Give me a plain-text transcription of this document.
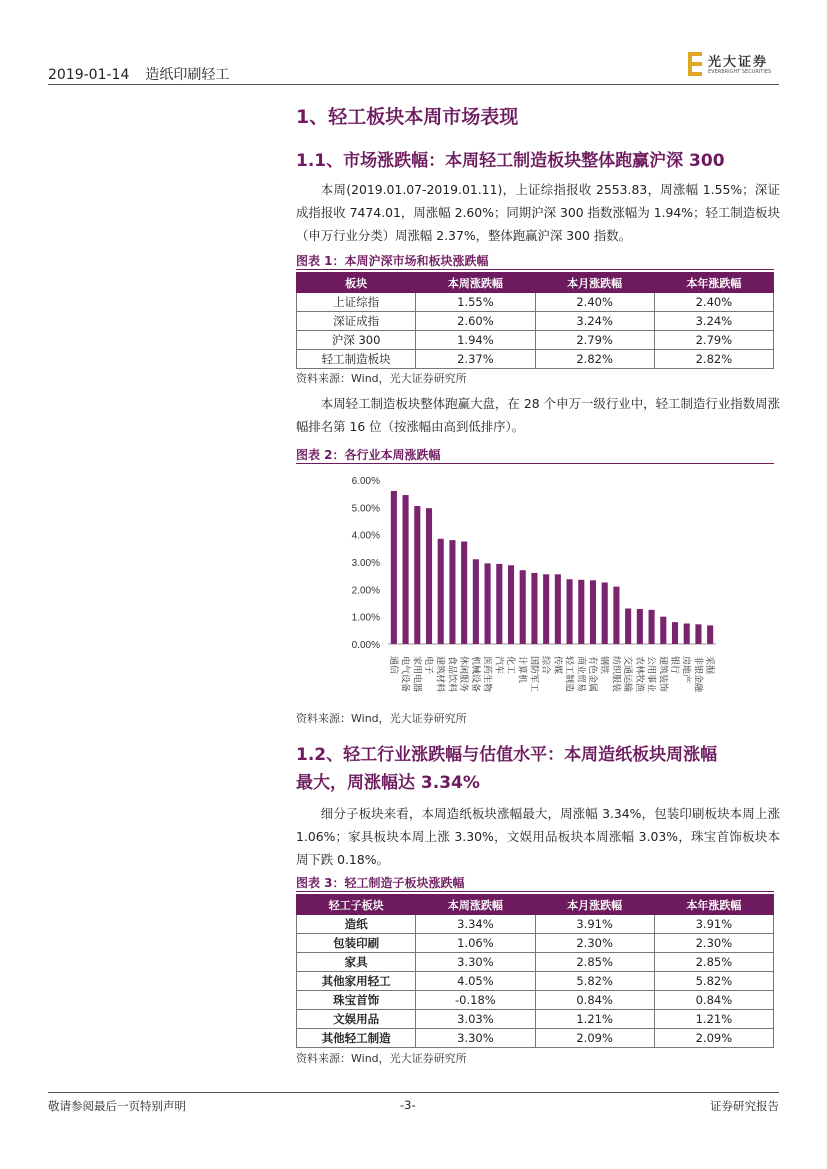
2019-01-14 造纸印刷轻工
光大证券
EVERBRIGHT SECURITIES
1、轻工板块本周市场表现
1.1、市场涨跌幅：本周轻工制造板块整体跑赢沪深 300
本周(2019.01.07-2019.01.11)，上证综指报收 2553.83，周涨幅 1.55%；深证成指报收 7474.01，周涨幅 2.60%；同期沪深 300 指数涨幅为 1.94%；轻工制造板块（申万行业分类）周涨幅 2.37%，整体跑赢沪深 300 指数。
图表 1：本周沪深市场和板块涨跌幅
板块	本周涨跌幅	本月涨跌幅	本年涨跌幅
上证综指	1.55%	2.40%	2.40%
深证成指	2.60%	3.24%	3.24%
沪深 300	1.94%	2.79%	2.79%
轻工制造板块	2.37%	2.82%	2.82%
资料来源：Wind，光大证券研究所
本周轻工制造板块整体跑赢大盘，在 28 个申万一级行业中，轻工制造行业指数周涨幅排名第 16 位（按涨幅由高到低排序）。
图表 2：各行业本周涨跌幅
0.00%
1.00%
2.00%
3.00%
4.00%
5.00%
6.00%
通信 电气设备 家用电器 电子 建筑材料 食品饮料 休闲服务 机械设备 医药生物 汽车 化工 计算机 国防军工 综合 传媒 轻工制造 商业贸易 有色金属 钢铁 纺织服装 交通运输 农林牧渔 公用事业 建筑装饰 银行 房地产 非银金融 采掘
资料来源：Wind，光大证券研究所
1.2、轻工行业涨跌幅与估值水平：本周造纸板块周涨幅
最大，周涨幅达 3.34%
细分子板块来看，本周造纸板块涨幅最大，周涨幅 3.34%，包装印刷板块本周上涨 1.06%；家具板块本周上涨 3.30%，文娱用品板块本周涨幅 3.03%，珠宝首饰板块本周下跌 0.18%。
图表 3：轻工制造子板块涨跌幅
轻工子板块	本周涨跌幅	本月涨跌幅	本年涨跌幅
造纸	3.34%	3.91%	3.91%
包装印刷	1.06%	2.30%	2.30%
家具	3.30%	2.85%	2.85%
其他家用轻工	4.05%	5.82%	5.82%
珠宝首饰	-0.18%	0.84%	0.84%
文娱用品	3.03%	1.21%	1.21%
其他轻工制造	3.30%	2.09%	2.09%
资料来源：Wind，光大证券研究所
敬请参阅最后一页特别声明	-3-	证券研究报告
